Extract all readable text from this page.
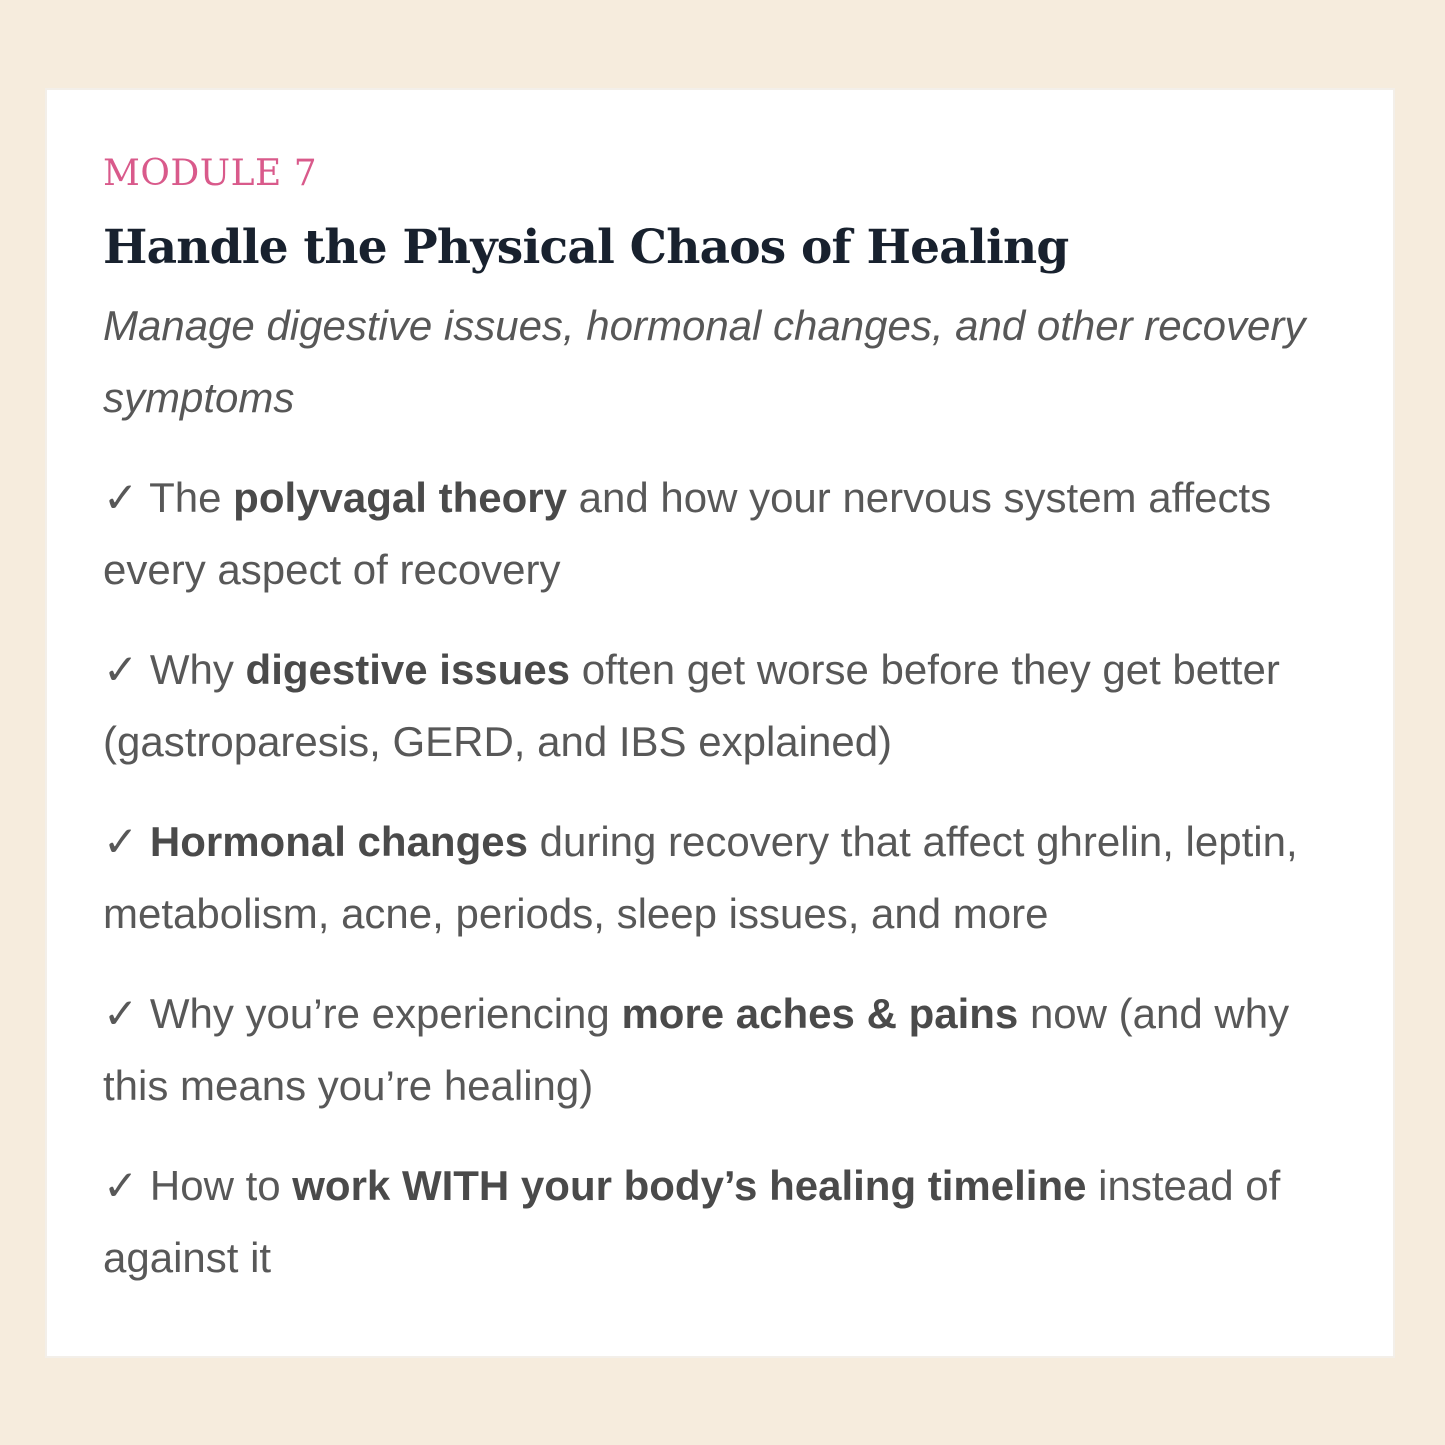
MODULE 7

Handle the Physical Chaos of Healing

Manage digestive issues, hormonal changes, and other recovery symptoms

✓ The polyvagal theory and how your nervous system affects every aspect of recovery
✓ Why digestive issues often get worse before they get better (gastroparesis, GERD, and IBS explained)
✓ Hormonal changes during recovery that affect ghrelin, leptin, metabolism, acne, periods, sleep issues, and more
✓ Why you’re experiencing more aches & pains now (and why this means you’re healing)
✓ How to work WITH your body’s healing timeline instead of against it
